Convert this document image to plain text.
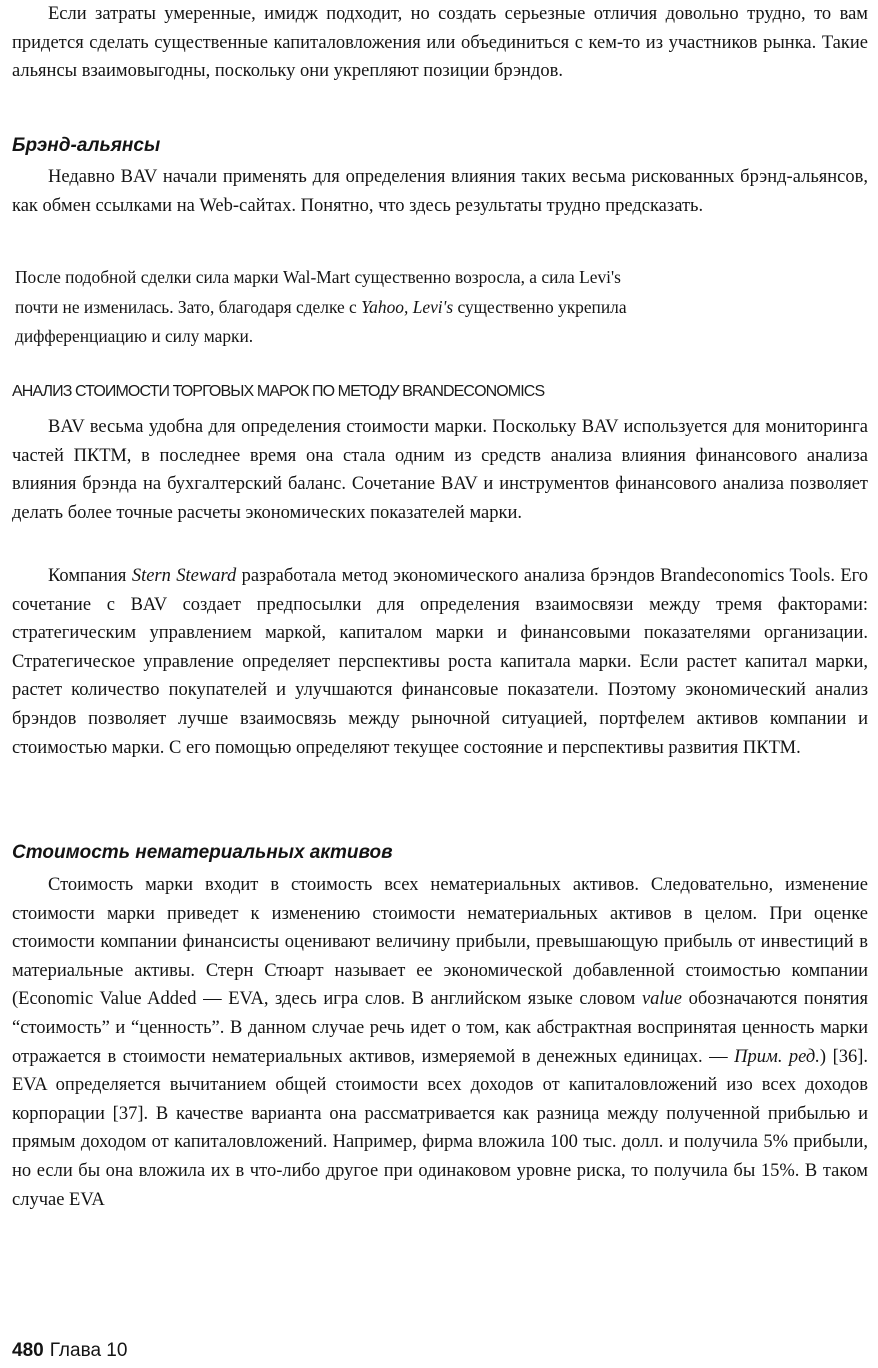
Если затраты умеренные, имидж подходит, но создать серьезные отличия довольно трудно, то вам придется сделать существенные капиталовложения или объединиться с кем-то из участников рынка. Такие альянсы взаимовыгодны, поскольку они укрепляют позиции брэндов.

Брэнд-альянсы

Недавно BAV начали применять для определения влияния таких весьма рискованных брэнд-альянсов, как обмен ссылками на Web-сайтах. Понятно, что здесь результаты трудно предсказать.

После подобной сделки сила марки Wal-Mart существенно возросла, а сила Levi's
почти не изменилась. Зато, благодаря сделке с Yahoo, Levi's существенно укрепила
дифференциацию и силу марки.
АНАЛИЗ СТОИМОСТИ ТОРГОВЫХ МАРОК ПО МЕТОДУ BRANDECONOMICS

BAV весьма удобна для определения стоимости марки. Поскольку BAV используется для мониторинга частей ПКТМ, в последнее время она стала одним из средств анализа влияния финансового анализа влияния брэнда на бухгалтерский баланс. Сочетание BAV и инструментов финансового анализа позволяет делать более точные расчеты экономических показателей марки.

Компания Stern Steward разработала метод экономического анализа брэндов Brandeconomics Tools. Его сочетание с BAV создает предпосылки для определения взаимосвязи между тремя факторами: стратегическим управлением маркой, капиталом марки и финансовыми показателями организации. Стратегическое управление определяет перспективы роста капитала марки. Если растет капитал марки, растет количество покупателей и улучшаются финансовые показатели. Поэтому экономический анализ брэндов позволяет лучше взаимосвязь между рыночной ситуацией, портфелем активов компании и стоимостью марки. С его помощью определяют текущее состояние и перспективы развития ПКТМ.

Стоимость нематериальных активов

Стоимость марки входит в стоимость всех нематериальных активов. Следовательно, изменение стоимости марки приведет к изменению стоимости нематериальных активов в целом. При оценке стоимости компании финансисты оценивают величину прибыли, превышающую прибыль от инвестиций в материальные активы. Стерн Стюарт называет ее экономической добавленной стоимостью компании (Economic Value Added — EVA, здесь игра слов. В английском языке словом value обозначаются понятия “стоимость” и “ценность”. В данном случае речь идет о том, как абстрактная воспринятая ценность марки отражается в стоимости нематериальных активов, измеряемой в денежных единицах. — Прим. ред.) [36]. EVA определяется вычитанием общей стоимости всех доходов от капиталовложений изо всех доходов корпорации [37]. В качестве варианта она рассматривается как разница между полученной прибылью и прямым доходом от капиталовложений. Например, фирма вложила 100 тыс. долл. и получила 5% прибыли, но если бы она вложила их в что-либо другое при одинаковом уровне риска, то получила бы 15%. В таком случае EVA

480 Глава 10
